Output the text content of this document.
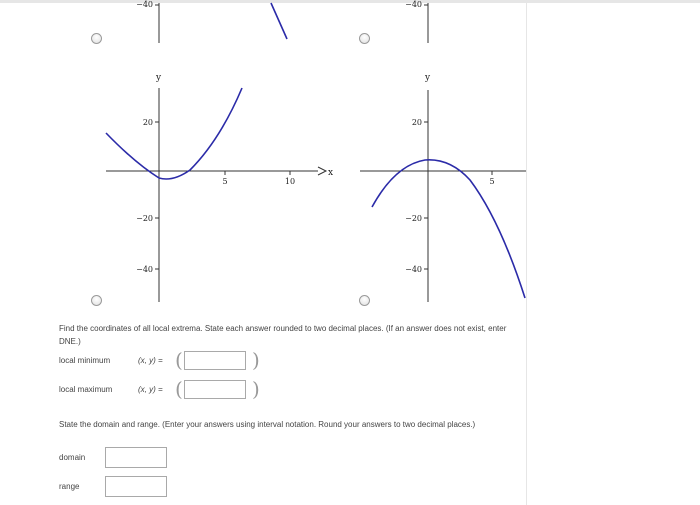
−40	−40
y
x
20
−20
−40
5	10
y
20
−20
−40
5
Find the coordinates of all local extrema. State each answer rounded to two decimal places. (If an answer does not exist, enter DNE.)
local minimum	(x, y) = (	)
local maximum	(x, y) = (	)
State the domain and range. (Enter your answers using interval notation. Round your answers to two decimal places.)
domain
range
